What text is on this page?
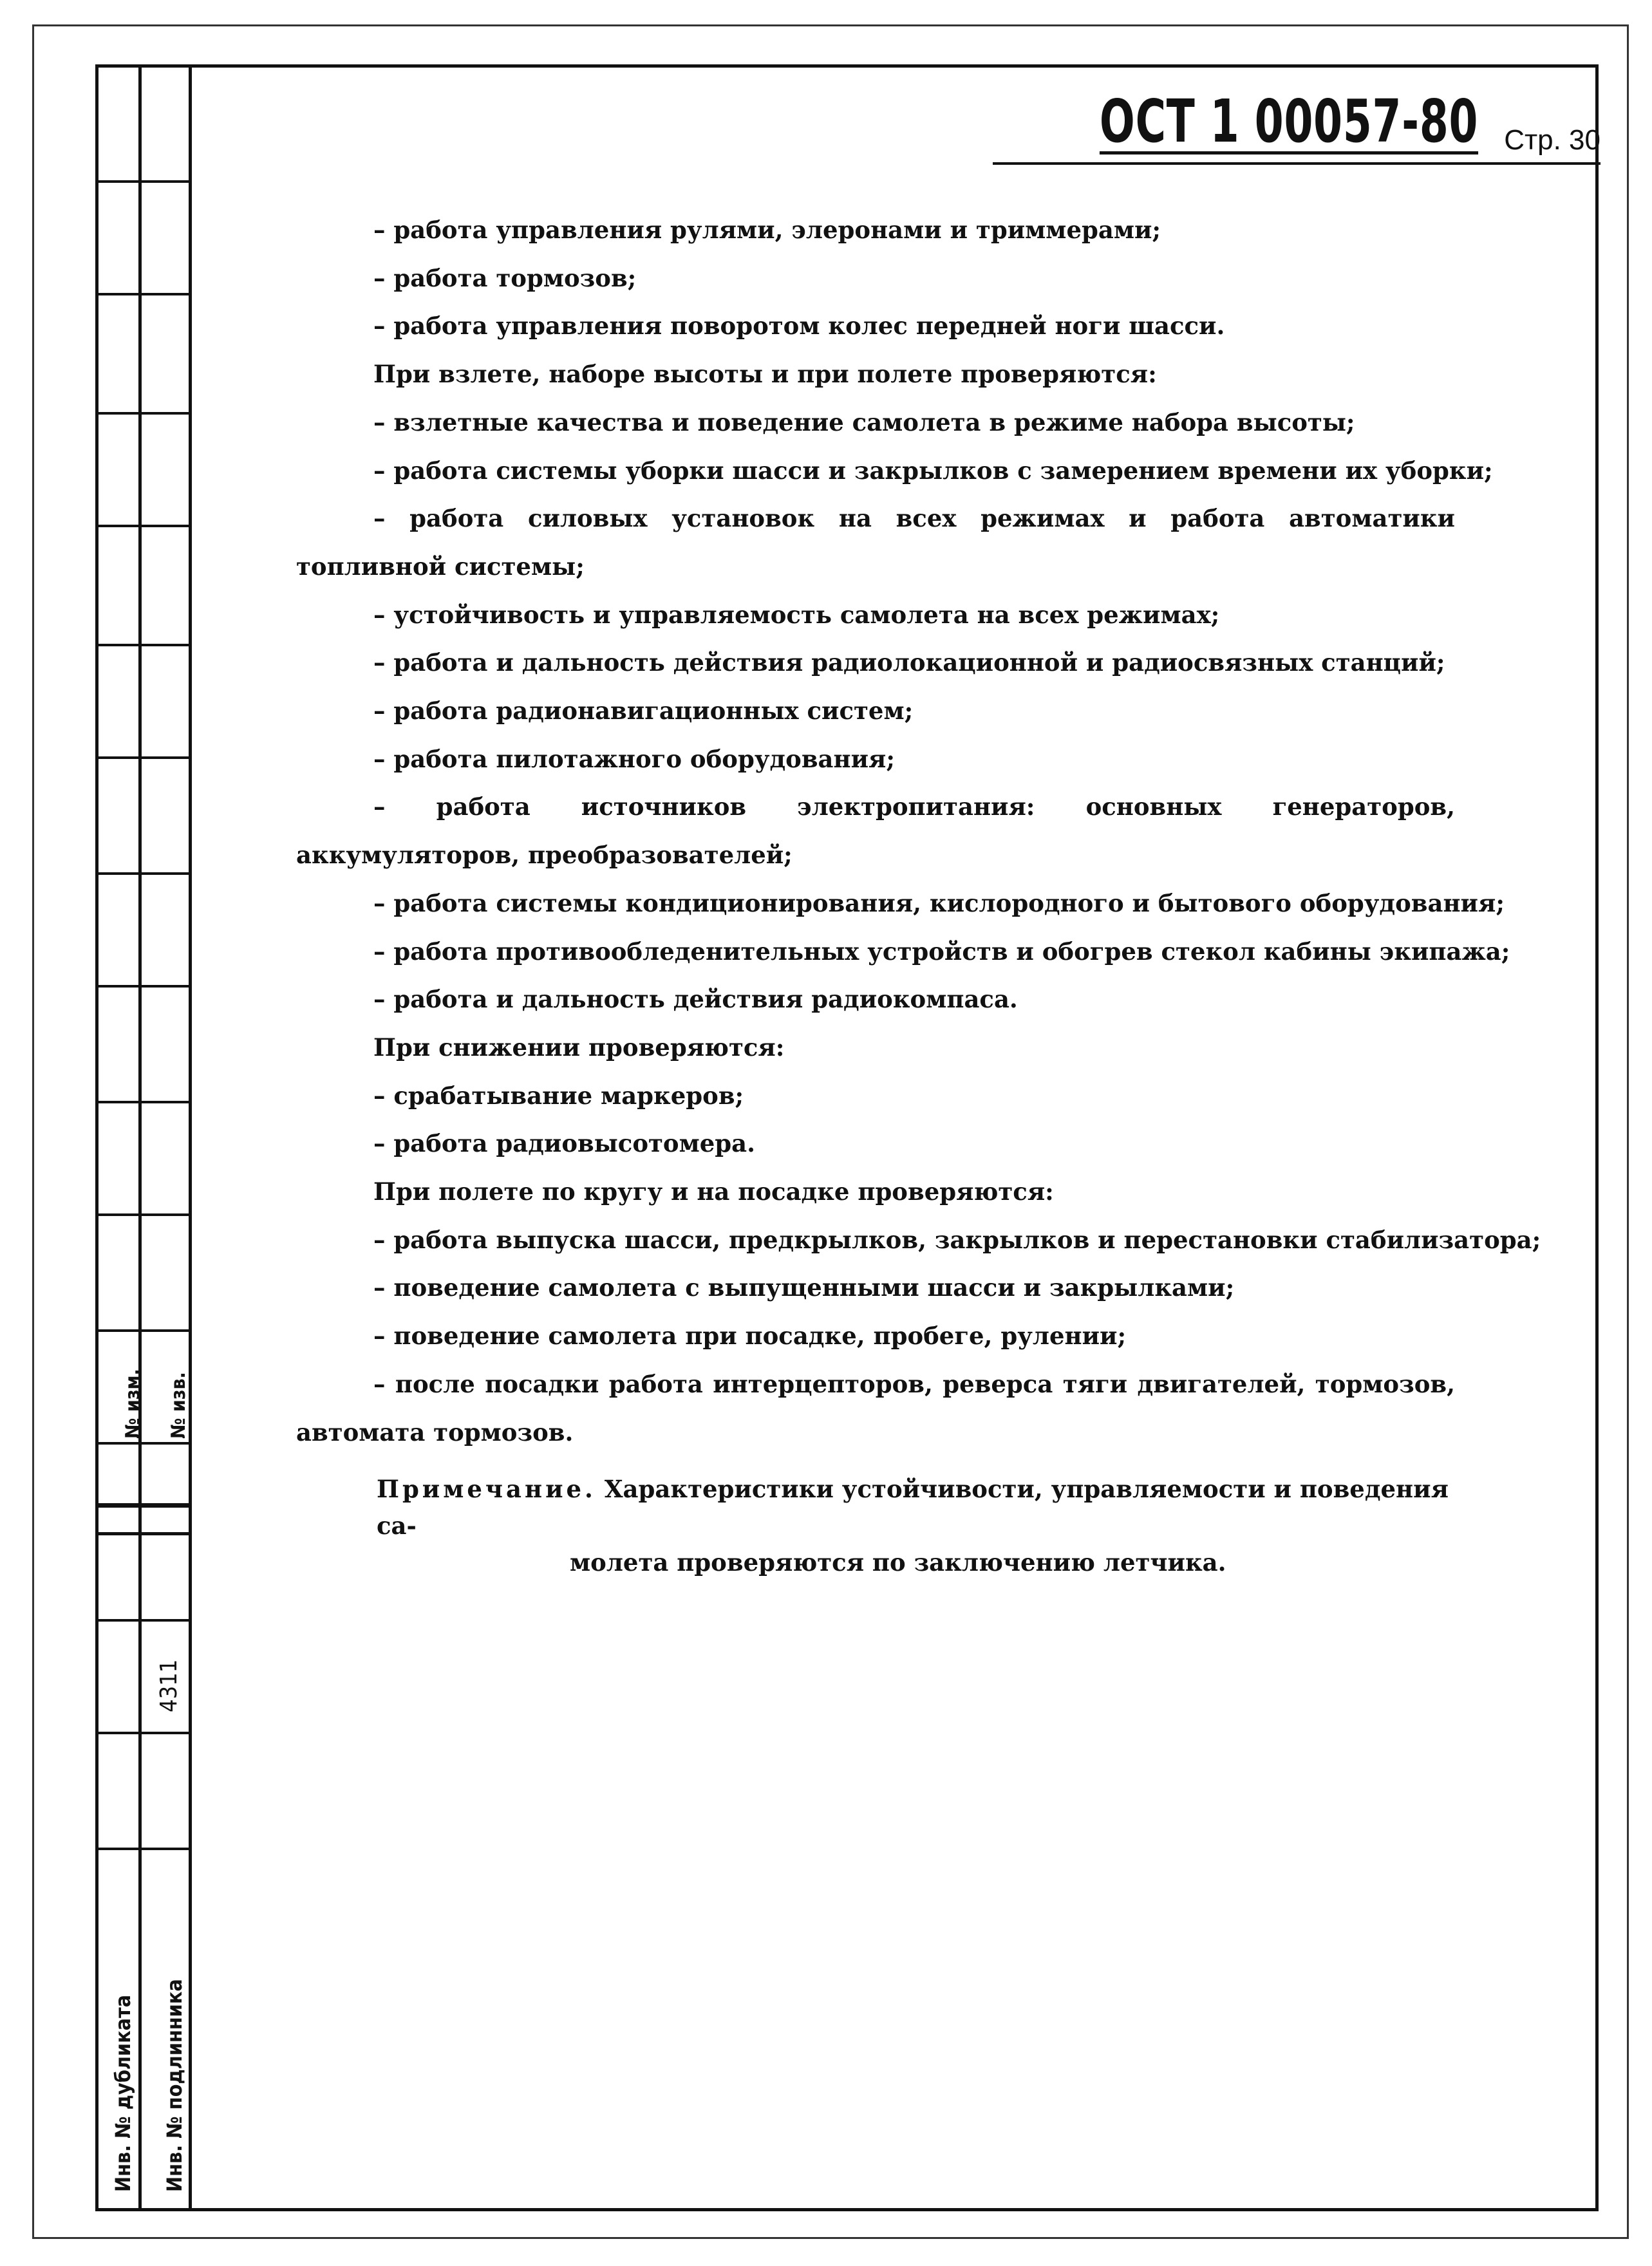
№ изм. № изв.
4311
Инв. № дубликата Инв. № подлинника
ОСТ 1 00057-80 Стр. 30

– работа управления рулями, элеронами и триммерами;

– работа тормозов;

– работа управления поворотом колес передней ноги шасси.

При взлете, наборе высоты и при полете проверяются:

– взлетные качества и поведение самолета в режиме набора высоты;

– работа системы уборки шасси и закрылков с замерением времени их уборки;

– работа силовых установок на всех режимах и работа автоматики топливной системы;

– устойчивость и управляемость самолета на всех режимах;

– работа и дальность действия радиолокационной и радиосвязных станций;

– работа радионавигационных систем;

– работа пилотажного оборудования;

– работа источников электропитания: основных генераторов, аккумуляторов, преобразователей;

– работа системы кондиционирования, кислородного и бытового оборудования;

– работа противообледенительных устройств и обогрев стекол кабины экипажа;

– работа и дальность действия радиокомпаса.

При снижении проверяются:

– срабатывание маркеров;

– работа радиовысотомера.

При полете по кругу и на посадке проверяются:

– работа выпуска шасси, предкрылков, закрылков и перестановки стабилизатора;

– поведение самолета с выпущенными шасси и закрылками;

– поведение самолета при посадке, пробеге, рулении;

– после посадки работа интерцепторов, реверса тяги двигателей, тормозов, автомата тормозов.

Примечание. Характеристики устойчивости, управляемости и поведения са-
молета проверяются по заключению летчика.
